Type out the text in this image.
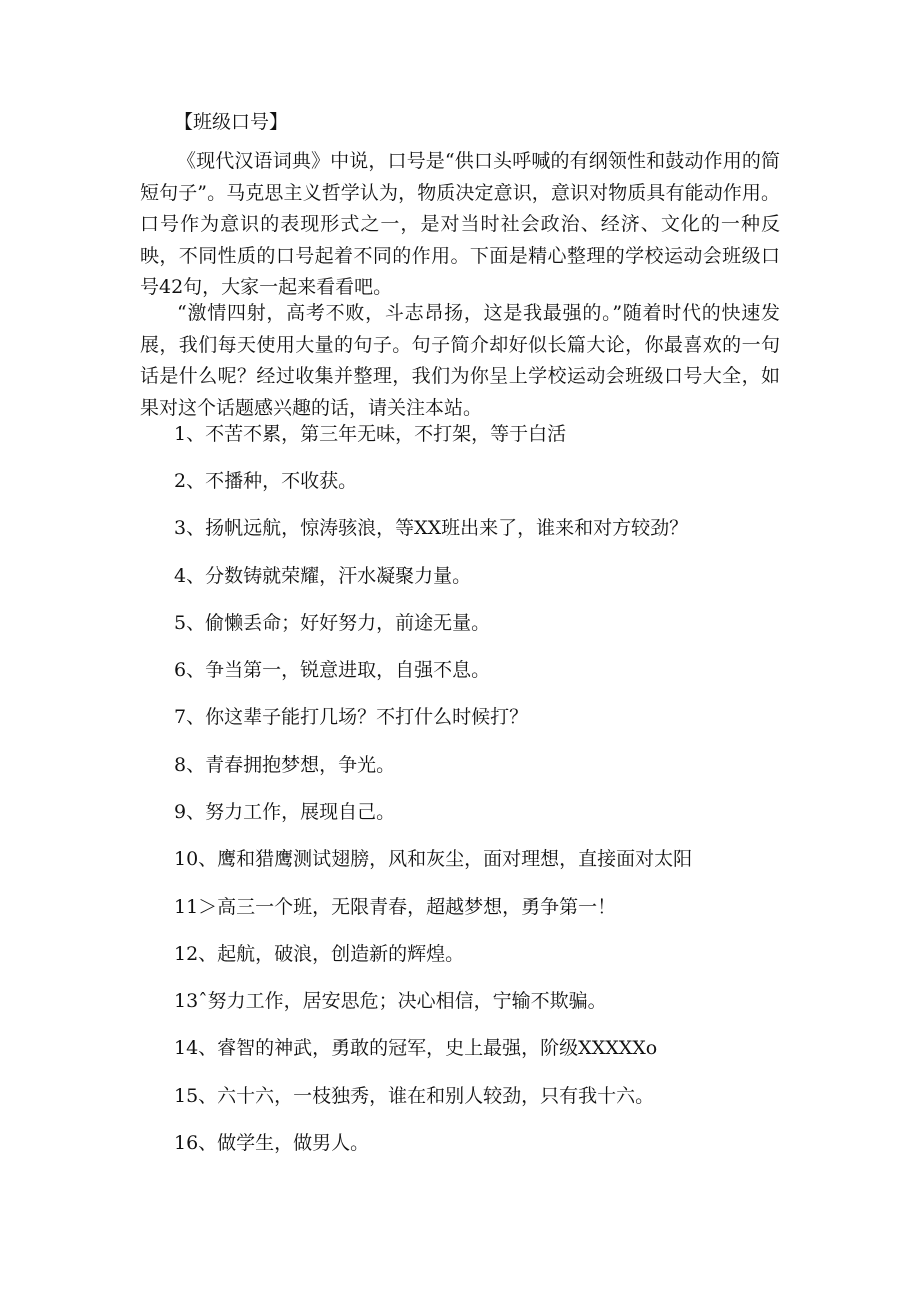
【班级口号】

《现代汉语词典》中说，口号是“供口头呼喊的有纲领性和鼓动作用的简短句子”。马克思主义哲学认为，物质决定意识，意识对物质具有能动作用。口号作为意识的表现形式之一，是对当时社会政治、经济、文化的一种反映，不同性质的口号起着不同的作用。下面是精心整理的学校运动会班级口号42句，大家一起来看看吧。

“激情四射，高考不败，斗志昂扬，这是我最强的。”随着时代的快速发展，我们每天使用大量的句子。句子简介却好似长篇大论，你最喜欢的一句话是什么呢？经过收集并整理，我们为你呈上学校运动会班级口号大全，如果对这个话题感兴趣的话，请关注本站。

1、不苦不累，第三年无味，不打架，等于白活

2、不播种，不收获。

3、扬帆远航，惊涛骇浪，等XX班出来了，谁来和对方较劲？

4、分数铸就荣耀，汗水凝聚力量。

5、偷懒丢命；好好努力，前途无量。

6、争当第一，锐意进取，自强不息。

7、你这辈子能打几场？不打什么时候打？

8、青春拥抱梦想，争光。

9、努力工作，展现自己。

10、鹰和猎鹰测试翅膀，风和灰尘，面对理想，直接面对太阳

11＞高三一个班，无限青春，超越梦想，勇争第一！

12、起航，破浪，创造新的辉煌。

13ˆ努力工作，居安思危；决心相信，宁输不欺骗。

14、睿智的神武，勇敢的冠军，史上最强，阶级XXXXXo

15、六十六，一枝独秀，谁在和别人较劲，只有我十六。

16、做学生，做男人。
